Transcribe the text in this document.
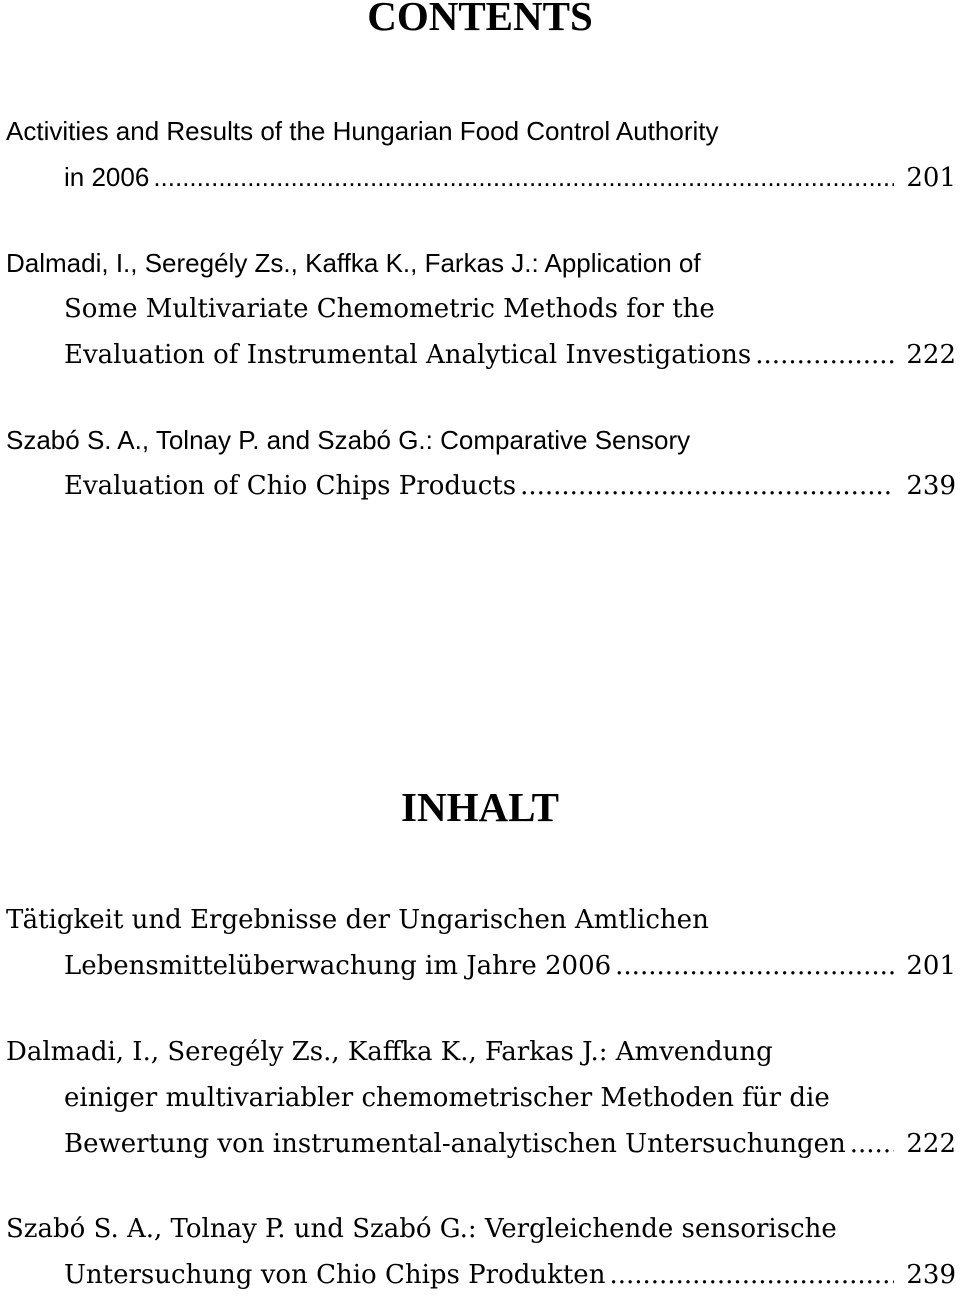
CONTENTS
Activities and Results of the Hungarian Food Control Authority
in 2006 .....	201
Dalmadi, I., Seregély Zs., Kaffka K., Farkas J.: Application of
Some Multivariate Chemometric Methods for the
Evaluation of Instrumental Analytical Investigations .....	222
Szabó S. A., Tolnay P. and Szabó G.: Comparative Sensory
Evaluation of Chio Chips Products .....	239
INHALT
Tätigkeit und Ergebnisse der Ungarischen Amtlichen
Lebensmittelüberwachung im Jahre 2006 .....	201
Dalmadi, I., Seregély Zs., Kaffka K., Farkas J.: Amvendung
einiger multivariabler chemometrischer Methoden für die
Bewertung von instrumental-analytischen Untersuchungen .....	222
Szabó S. A., Tolnay P. und Szabó G.: Vergleichende sensorische
Untersuchung von Chio Chips Produkten .....	239
